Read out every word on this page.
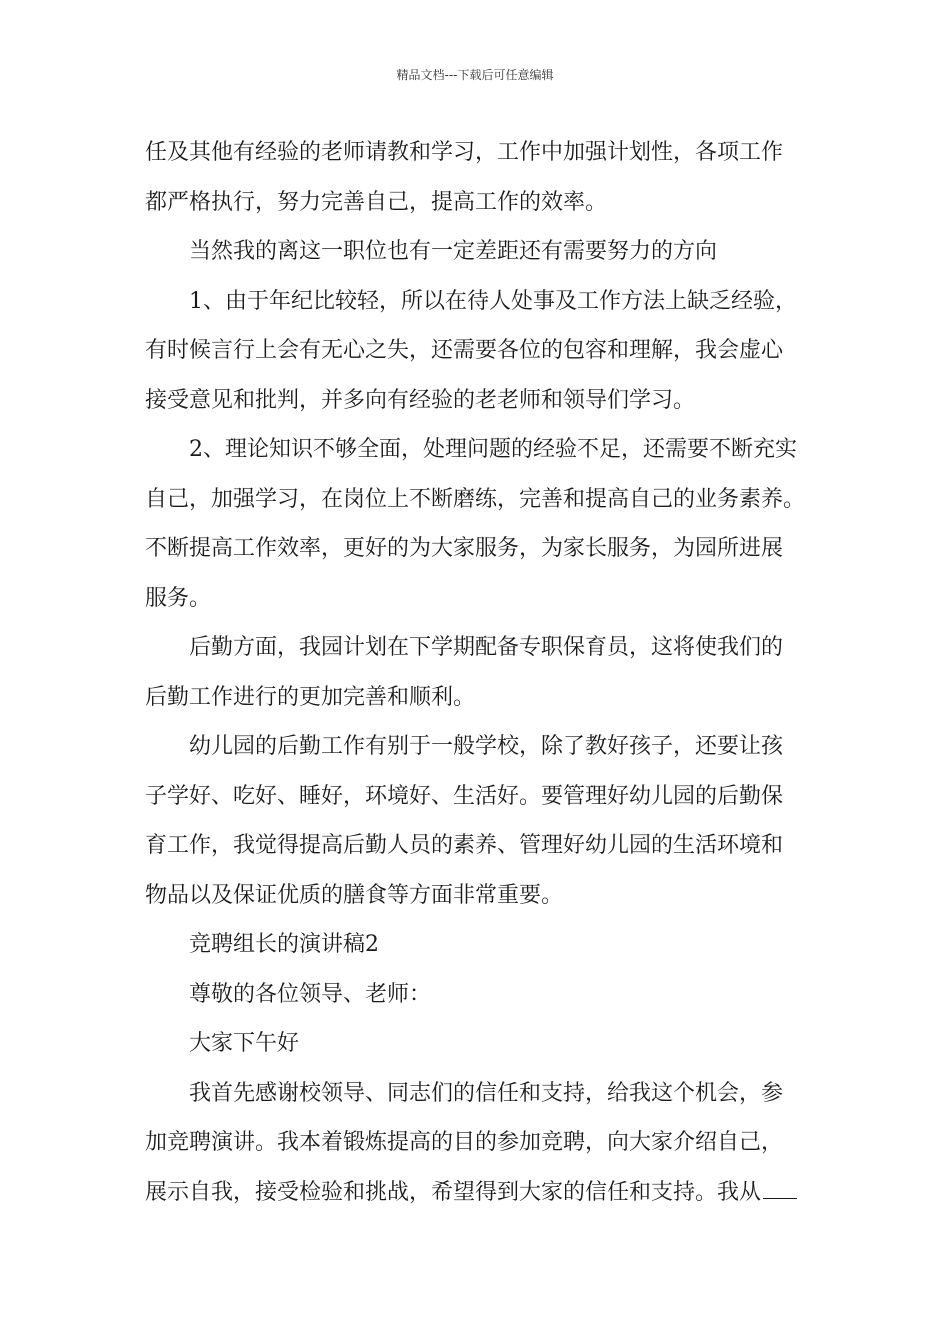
精品文档---下载后可任意编辑
任及其他有经验的老师请教和学习，工作中加强计划性，各项工作
都严格执行，努力完善自己，提高工作的效率。
当然我的离这一职位也有一定差距还有需要努力的方向
1、由于年纪比较轻，所以在待人处事及工作方法上缺乏经验，
有时候言行上会有无心之失，还需要各位的包容和理解，我会虚心
接受意见和批判，并多向有经验的老老师和领导们学习。
2、理论知识不够全面，处理问题的经验不足，还需要不断充实
自己，加强学习，在岗位上不断磨练，完善和提高自己的业务素养。
不断提高工作效率，更好的为大家服务，为家长服务，为园所进展
服务。
后勤方面，我园计划在下学期配备专职保育员，这将使我们的
后勤工作进行的更加完善和顺利。
幼儿园的后勤工作有别于一般学校，除了教好孩子，还要让孩
子学好、吃好、睡好，环境好、生活好。要管理好幼儿园的后勤保
育工作，我觉得提高后勤人员的素养、管理好幼儿园的生活环境和
物品以及保证优质的膳食等方面非常重要。
竞聘组长的演讲稿2
尊敬的各位领导、老师：
大家下午好
我首先感谢校领导、同志们的信任和支持，给我这个机会，参
加竞聘演讲。我本着锻炼提高的目的参加竞聘，向大家介绍自己，
展示自我，接受检验和挑战，希望得到大家的信任和支持。我从
